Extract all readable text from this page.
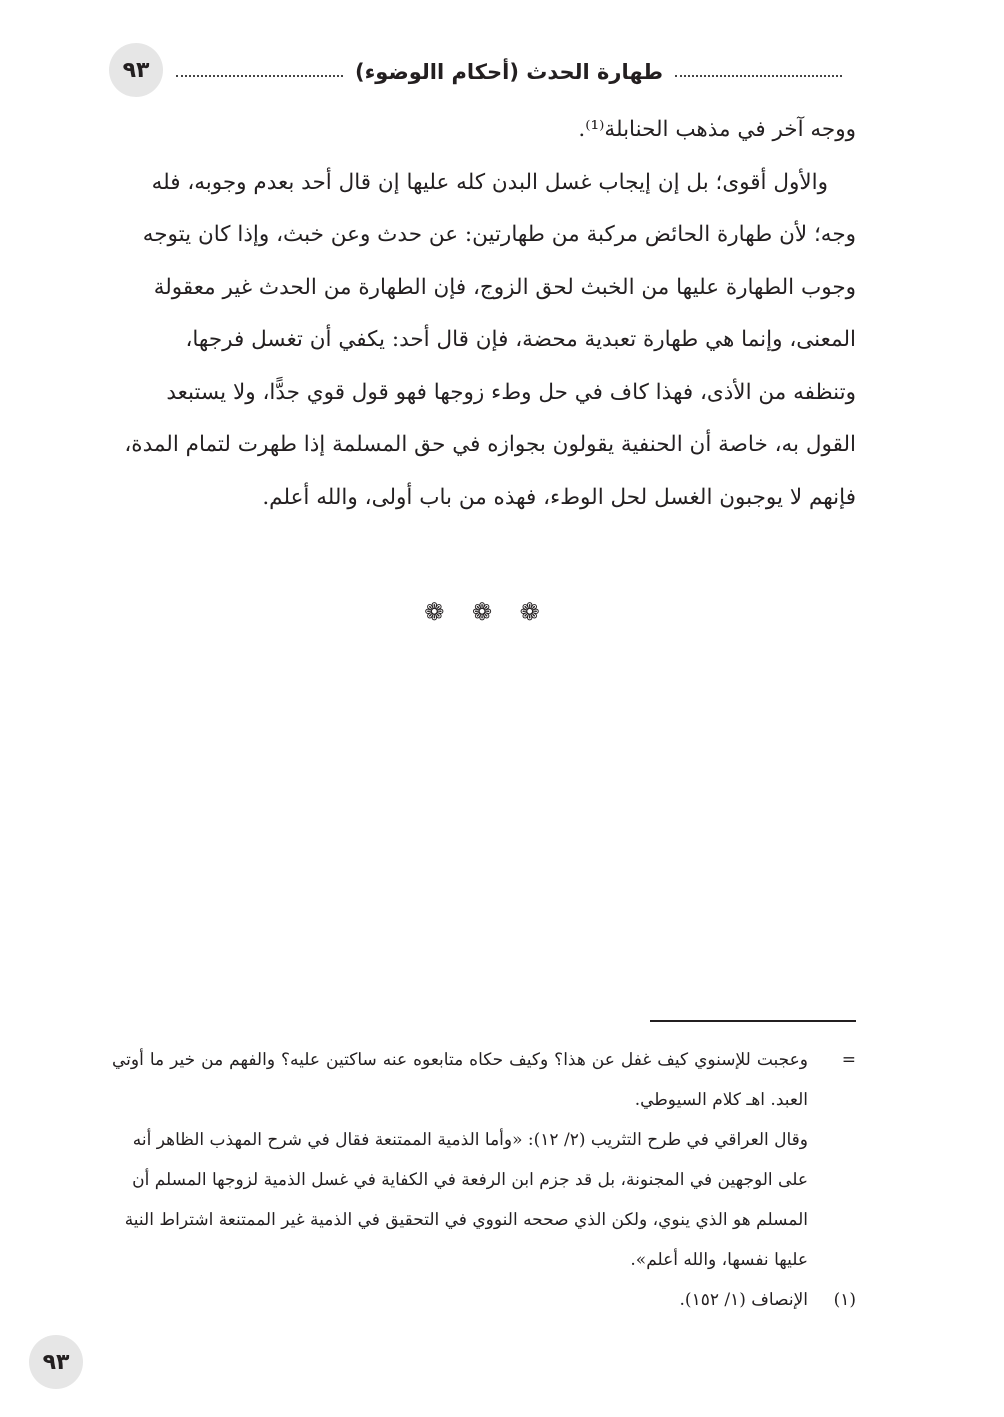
٩٣	طهارة الحدث (أحكام االوضوء)

ووجه آخر في مذهب الحنابلة⁽¹⁾.

والأول أقوى؛ بل إن إيجاب غسل البدن كله عليها إن قال أحد بعدم وجوبه، فله وجه؛ لأن طهارة الحائض مركبة من طهارتين: عن حدث وعن خبث، وإذا كان يتوجه وجوب الطهارة عليها من الخبث لحق الزوج، فإن الطهارة من الحدث غير معقولة المعنى، وإنما هي طهارة تعبدية محضة، فإن قال أحد: يكفي أن تغسل فرجها، وتنظفه من الأذى، فهذا كاف في حل وطء زوجها فهو قول قوي جدًّا، ولا يستبعد القول به، خاصة أن الحنفية يقولون بجوازه في حق المسلمة إذا طهرت لتمام المدة، فإنهم لا يوجبون الغسل لحل الوطء، فهذه من باب أولى، والله أعلم.

❁ ❁ ❁
=

وعجبت للإسنوي كيف غفل عن هذا؟ وكيف حكاه متابعوه عنه ساكتين عليه؟ والفهم من خير ما أوتي العبد. اهـ كلام السيوطي.

وقال العراقي في طرح التثريب (٢/ ١٢): «وأما الذمية الممتنعة فقال في شرح المهذب الظاهر أنه على الوجهين في المجنونة، بل قد جزم ابن الرفعة في الكفاية في غسل الذمية لزوجها المسلم أن المسلم هو الذي ينوي، ولكن الذي صححه النووي في التحقيق في الذمية غير الممتنعة اشتراط النية عليها نفسها، والله أعلم».

(١)

الإنصاف (١/ ١٥٢).

٩٣
